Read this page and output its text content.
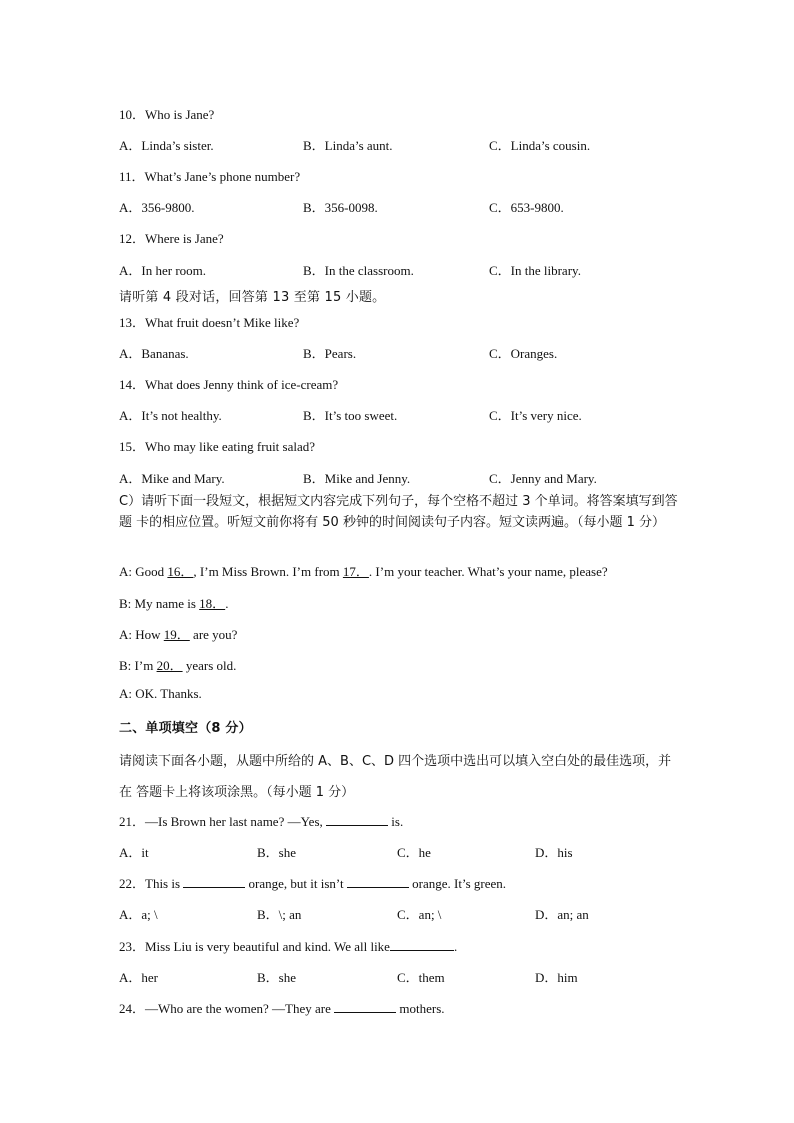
10．Who is Jane?
A．Linda’s sister.	B．Linda’s aunt.	C．Linda’s cousin.
11．What’s Jane’s phone number?
A．356-9800.	B．356-0098.	C．653-9800.
12．Where is Jane?
A．In her room.	B．In the classroom.	C．In the library.
请听第 4 段对话，回答第 13 至第 15 小题。
13．What fruit doesn’t Mike like?
A．Bananas.	B．Pears.	C．Oranges.
14．What does Jenny think of ice-cream?
A．It’s not healthy.	B．It’s too sweet.	C．It’s very nice.
15．Who may like eating fruit salad?
A．Mike and Mary.	B．Mike and Jenny.	C．Jenny and Mary.
C）请听下面一段短文，根据短文内容完成下列句子，每个空格不超过 3 个单词。将答案填写到答题 卡的相应位置。听短文前你将有 50 秒钟的时间阅读句子内容。短文读两遍。（每小题 1 分）
A: Good 16．, I’m Miss Brown. I’m from 17．. I’m your teacher. What’s your name, please?
B: My name is 18．.
A: How 19． are you?
B: I’m 20． years old.
A: OK. Thanks.
二、单项填空（8 分）
请阅读下面各小题，从题中所给的 A、B、C、D 四个选项中选出可以填入空白处的最佳选项，并在 答题卡上将该项涂黑。（每小题 1 分）
21．—Is Brown her last name? —Yes,	is.
A．it	B．she	C．he	D．his
22．This is	orange, but it isn’t	orange. It’s green.
A．a; \	B．\; an	C．an; \	D．an; an
23．Miss Liu is very beautiful and kind. We all like	.
A．her	B．she	C．them	D．him
24．—Who are the women? —They are	mothers.
